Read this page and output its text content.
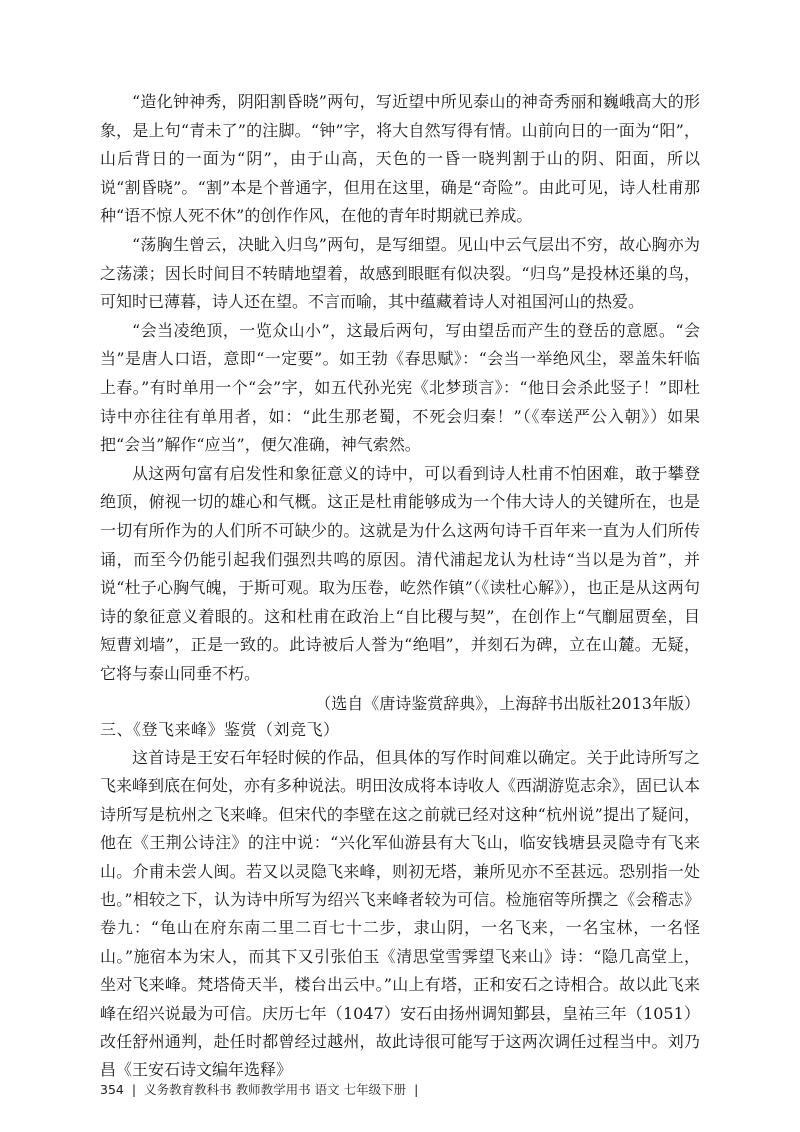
“造化钟神秀，阴阳割昏晓”两句，写近望中所见泰山的神奇秀丽和巍峨高大的形象，是上句“青未了”的注脚。“钟”字，将大自然写得有情。山前向日的一面为“阳”，山后背日的一面为“阴”，由于山高，天色的一昏一晓判割于山的阴、阳面，所以说“割昏晓”。“割”本是个普通字，但用在这里，确是“奇险”。由此可见，诗人杜甫那种“语不惊人死不休”的创作作风，在他的青年时期就已养成。

“荡胸生曾云，决眦入归鸟”两句，是写细望。见山中云气层出不穷，故心胸亦为之荡漾；因长时间目不转睛地望着，故感到眼眶有似决裂。“归鸟”是投林还巢的鸟，可知时已薄暮，诗人还在望。不言而喻，其中蕴藏着诗人对祖国河山的热爱。

“会当凌绝顶，一览众山小”，这最后两句，写由望岳而产生的登岳的意愿。“会当”是唐人口语，意即“一定要”。如王勃《春思赋》：“会当一举绝风尘，翠盖朱轩临上春。”有时单用一个“会”字，如五代孙光宪《北梦琐言》：“他日会杀此竖子！”即杜诗中亦往往有单用者，如：“此生那老蜀，不死会归秦！”（《奉送严公入朝》）如果把“会当”解作“应当”，便欠准确，神气索然。

从这两句富有启发性和象征意义的诗中，可以看到诗人杜甫不怕困难，敢于攀登绝顶，俯视一切的雄心和气概。这正是杜甫能够成为一个伟大诗人的关键所在，也是一切有所作为的人们所不可缺少的。这就是为什么这两句诗千百年来一直为人们所传诵，而至今仍能引起我们强烈共鸣的原因。清代浦起龙认为杜诗“当以是为首”，并说“杜子心胸气魄，于斯可观。取为压卷，屹然作镇”（《读杜心解》），也正是从这两句诗的象征意义着眼的。这和杜甫在政治上“自比稷与契”，在创作上“气劘屈贾垒，目短曹刘墙”，正是一致的。此诗被后人誉为“绝唱”，并刻石为碑，立在山麓。无疑，它将与泰山同垂不朽。

（选自《唐诗鉴赏辞典》，上海辞书出版社2013年版）

三、《登飞来峰》鉴赏（刘竞飞）

这首诗是王安石年轻时候的作品，但具体的写作时间难以确定。关于此诗所写之飞来峰到底在何处，亦有多种说法。明田汝成将本诗收人《西湖游览志余》，固已认本诗所写是杭州之飞来峰。但宋代的李壁在这之前就已经对这种“杭州说”提出了疑问，他在《王荆公诗注》的注中说：“兴化军仙游县有大飞山，临安钱塘县灵隐寺有飞来山。介甫未尝人闽。若又以灵隐飞来峰，则初无塔，兼所见亦不至甚远。恐别指一处也。”相较之下，认为诗中所写为绍兴飞来峰者较为可信。检施宿等所撰之《会稽志》卷九：“龟山在府东南二里二百七十二步，隶山阴，一名飞来，一名宝林，一名怪山。”施宿本为宋人，而其下又引张伯玉《清思堂雪霁望飞来山》诗：“隐几高堂上，坐对飞来峰。梵塔倚天半，楼台出云中。”山上有塔，正和安石之诗相合。故以此飞来峰在绍兴说最为可信。庆历七年（1047）安石由扬州调知鄞县，皇祐三年（1051）改任舒州通判，赴任时都曾经过越州，故此诗很可能写于这两次调任过程当中。刘乃昌《王安石诗文编年选释》

354 | 义务教育教科书 教师教学用书 语文 七年级下册 |
